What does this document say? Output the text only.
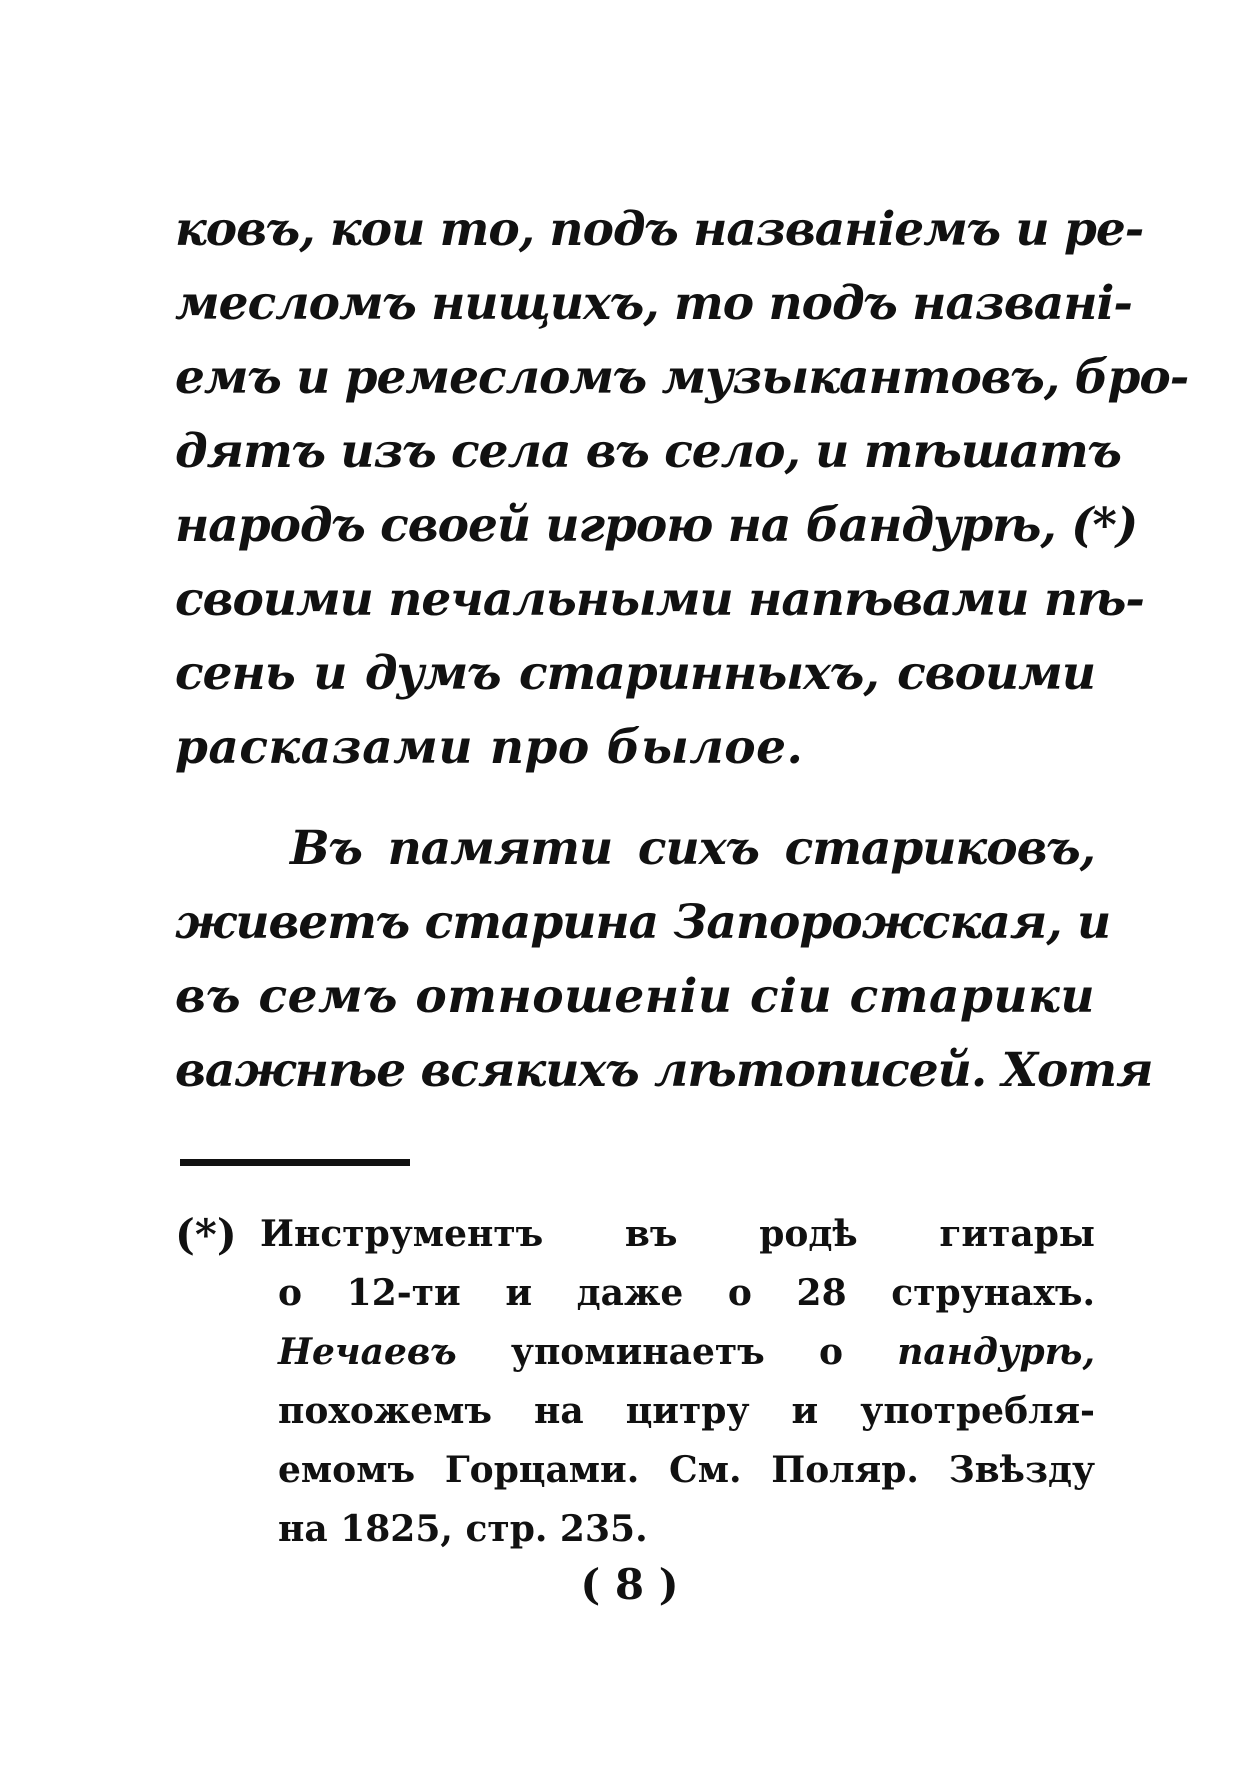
ковъ, кои то, подъ названіемъ и ре-
месломъ нищихъ, то подъ названі-
емъ и ремесломъ музыкантовъ, бро-
дятъ изъ села въ село, и тѣшатъ
народъ своей игрою на бандурѣ, (*)
своими печальными напѣвами пѣ-
сень и думъ старинныхъ, своими
расказами про былое.
Въ памяти сихъ стариковъ,
живетъ старина Запорожская, и
въ семъ отношеніи сіи старики
важнѣе всякихъ лѣтописей. Хотя
(*) Инструментъ въ родѣ гитары
о 12-ти и даже о 28 струнахъ.
Нечаевъ упоминаетъ о пандурѣ,
похожемъ на цитру и употребля-
емомъ Горцами. См. Поляр. Звѣзду
на 1825, стр. 235.
( 8 )
